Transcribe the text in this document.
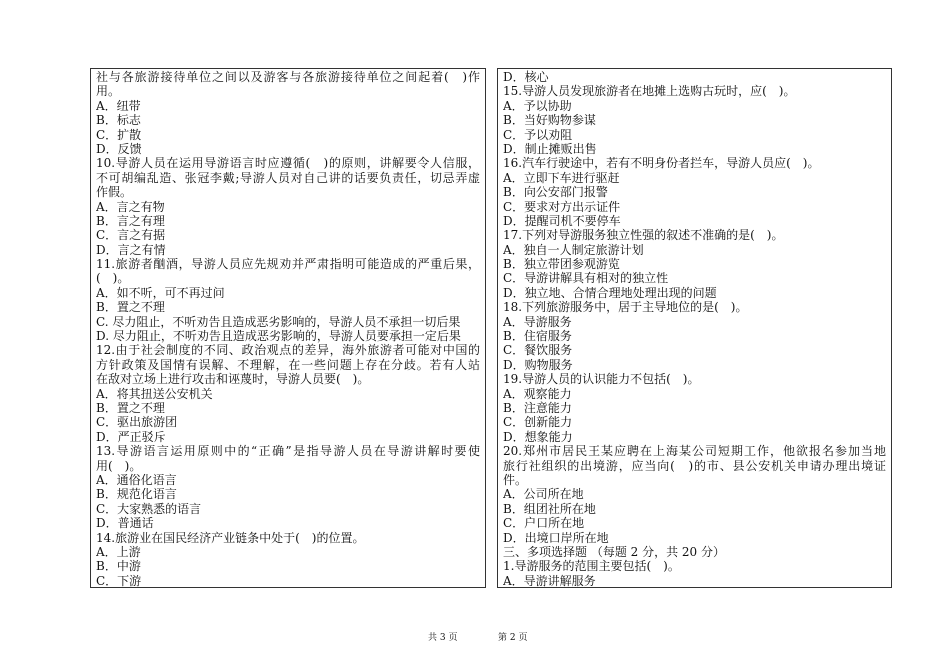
社与各旅游接待单位之间以及游客与各旅游接待单位之间起着(　)作
用。
A．纽带
B．标志
C．扩散
D．反馈
10.导游人员在运用导游语言时应遵循(　)的原则，讲解要令人信服，
不可胡编乱造、张冠李戴;导游人员对自己讲的话要负责任，切忌弄虚
作假。
A．言之有物
B．言之有理
C．言之有据
D．言之有情
11.旅游者酗酒，导游人员应先规劝并严肃指明可能造成的严重后果，
(　)。
A．如不听，可不再过问
B．置之不理
C. 尽力阻止，不听劝告且造成恶劣影响的，导游人员不承担一切后果
D. 尽力阻止，不听劝告且造成恶劣影响的，导游人员要承担一定后果
12.由于社会制度的不同、政治观点的差异，海外旅游者可能对中国的
方针政策及国情有误解、不理解，在一些问题上存在分歧。若有人站
在敌对立场上进行攻击和诬蔑时，导游人员要(　)。
A．将其扭送公安机关
B．置之不理
C．驱出旅游团
D．严正驳斥
13.导游语言运用原则中的“正确”是指导游人员在导游讲解时要使
用(　)。
A．通俗化语言
B．规范化语言
C．大家熟悉的语言
D．普通话
14.旅游业在国民经济产业链条中处于(　)的位置。
A．上游
B．中游
C．下游
D．核心
15.导游人员发现旅游者在地摊上选购古玩时，应(　)。
A．予以协助
B．当好购物参谋
C．予以劝阻
D．制止摊贩出售
16.汽车行驶途中，若有不明身份者拦车，导游人员应(　)。
A．立即下车进行驱赶
B．向公安部门报警
C．要求对方出示证件
D．提醒司机不要停车
17.下列对导游服务独立性强的叙述不准确的是(　)。
A．独自一人制定旅游计划
B．独立带团参观游览
C．导游讲解具有相对的独立性
D．独立地、合情合理地处理出现的问题
18.下列旅游服务中，居于主导地位的是(　)。
A．导游服务
B．住宿服务
C．餐饮服务
D．购物服务
19.导游人员的认识能力不包括(　)。
A．观察能力
B．注意能力
C．创新能力
D．想象能力
20.郑州市居民王某应聘在上海某公司短期工作，他欲报名参加当地
旅行社组织的出境游，应当向(　)的市、县公安机关申请办理出境证
件。
A．公司所在地
B．组团社所在地
C．户口所在地
D．出境口岸所在地
三、多项选择题 （每题 2 分，共 20 分）
1.导游服务的范围主要包括(　)。
A．导游讲解服务
共 3 页	第 2 页
